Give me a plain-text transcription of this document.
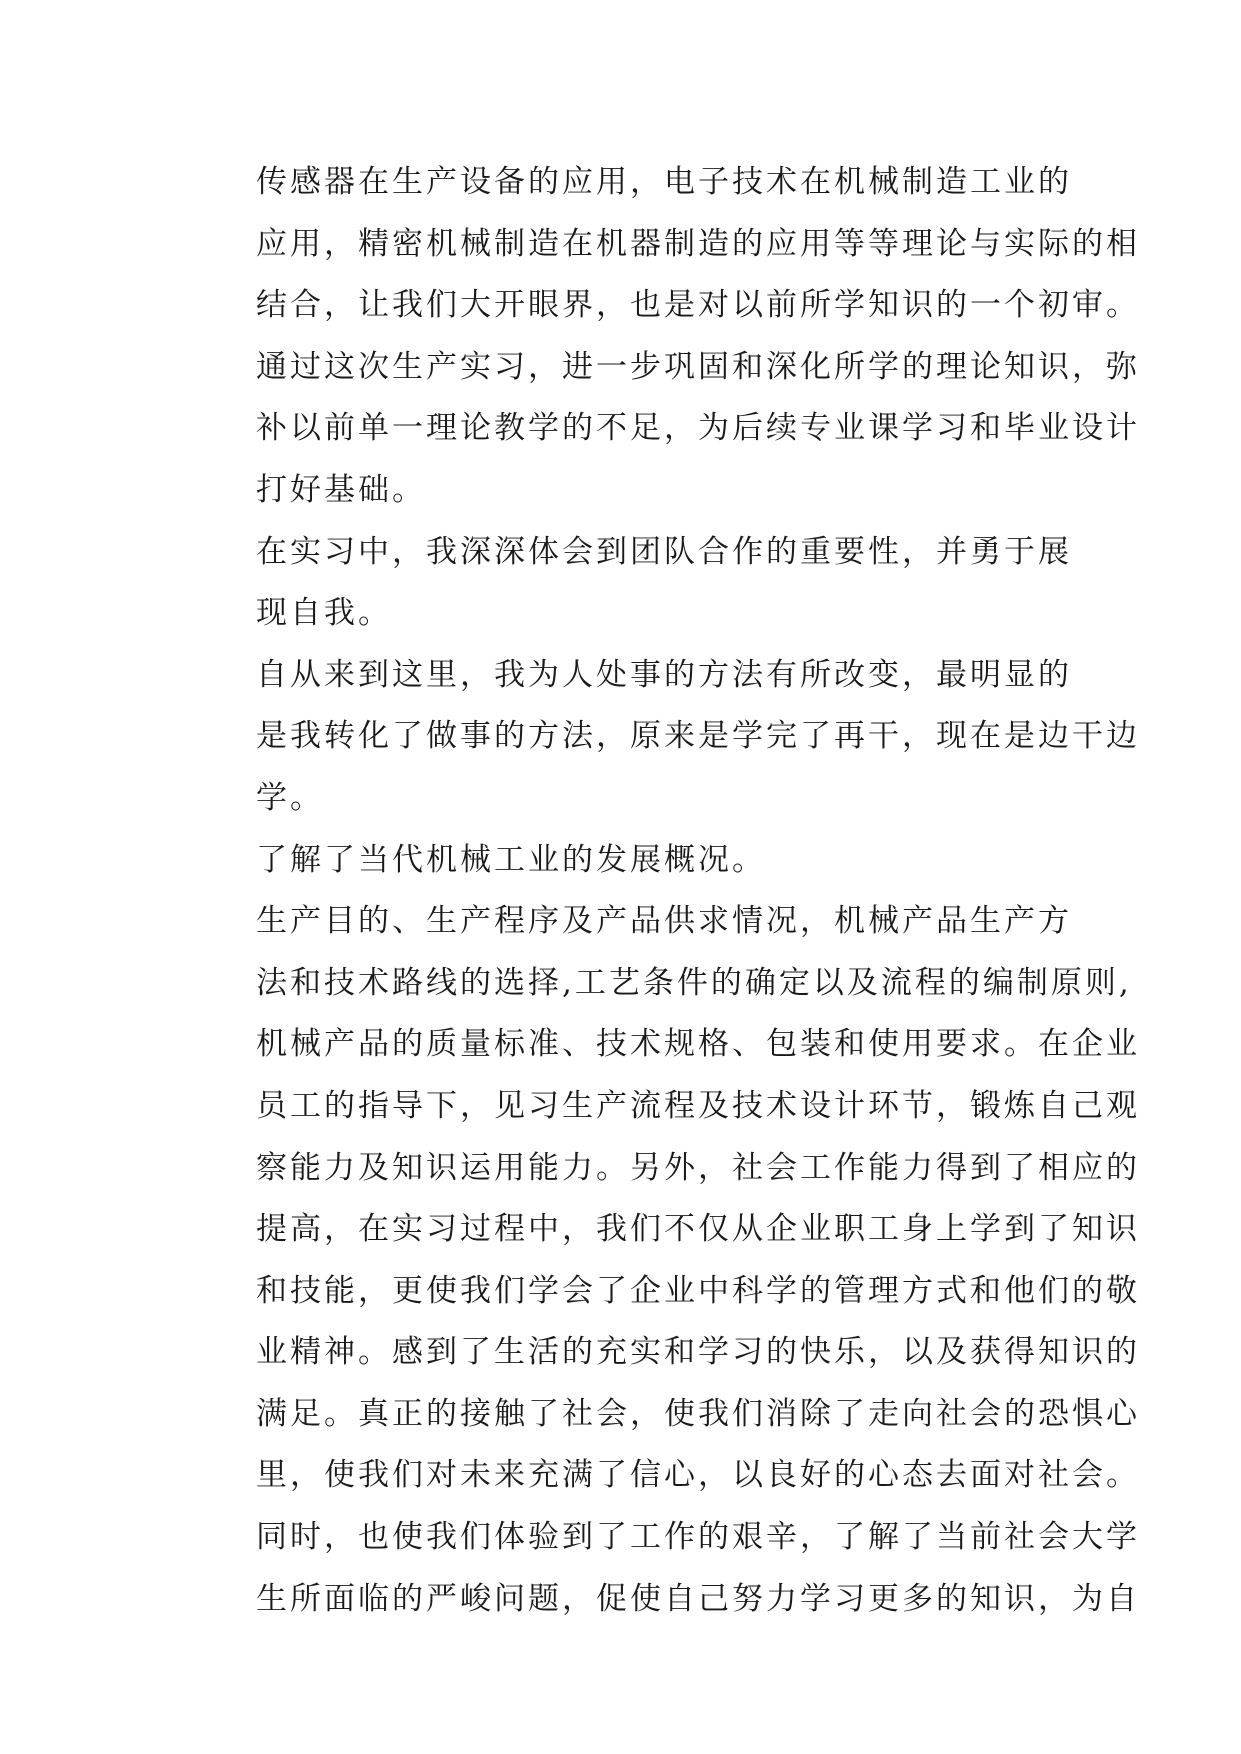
传感器在生产设备的应用，电子技术在机械制造工业的
应用，精密机械制造在机器制造的应用等等理论与实际的相
结合，让我们大开眼界，也是对以前所学知识的一个初审。
通过这次生产实习，进一步巩固和深化所学的理论知识，弥
补以前单一理论教学的不足，为后续专业课学习和毕业设计
打好基础。

在实习中，我深深体会到团队合作的重要性，并勇于展
现自我。

自从来到这里，我为人处事的方法有所改变，最明显的
是我转化了做事的方法，原来是学完了再干，现在是边干边
学。

了解了当代机械工业的发展概况。

生产目的、生产程序及产品供求情况，机械产品生产方
法和技术路线的选择,工艺条件的确定以及流程的编制原则,
机械产品的质量标准、技术规格、包装和使用要求。在企业
员工的指导下，见习生产流程及技术设计环节，锻炼自己观
察能力及知识运用能力。另外，社会工作能力得到了相应的
提高，在实习过程中，我们不仅从企业职工身上学到了知识
和技能，更使我们学会了企业中科学的管理方式和他们的敬
业精神。感到了生活的充实和学习的快乐，以及获得知识的
满足。真正的接触了社会，使我们消除了走向社会的恐惧心
里，使我们对未来充满了信心，以良好的心态去面对社会。
同时，也使我们体验到了工作的艰辛，了解了当前社会大学
生所面临的严峻问题，促使自己努力学习更多的知识，为自
